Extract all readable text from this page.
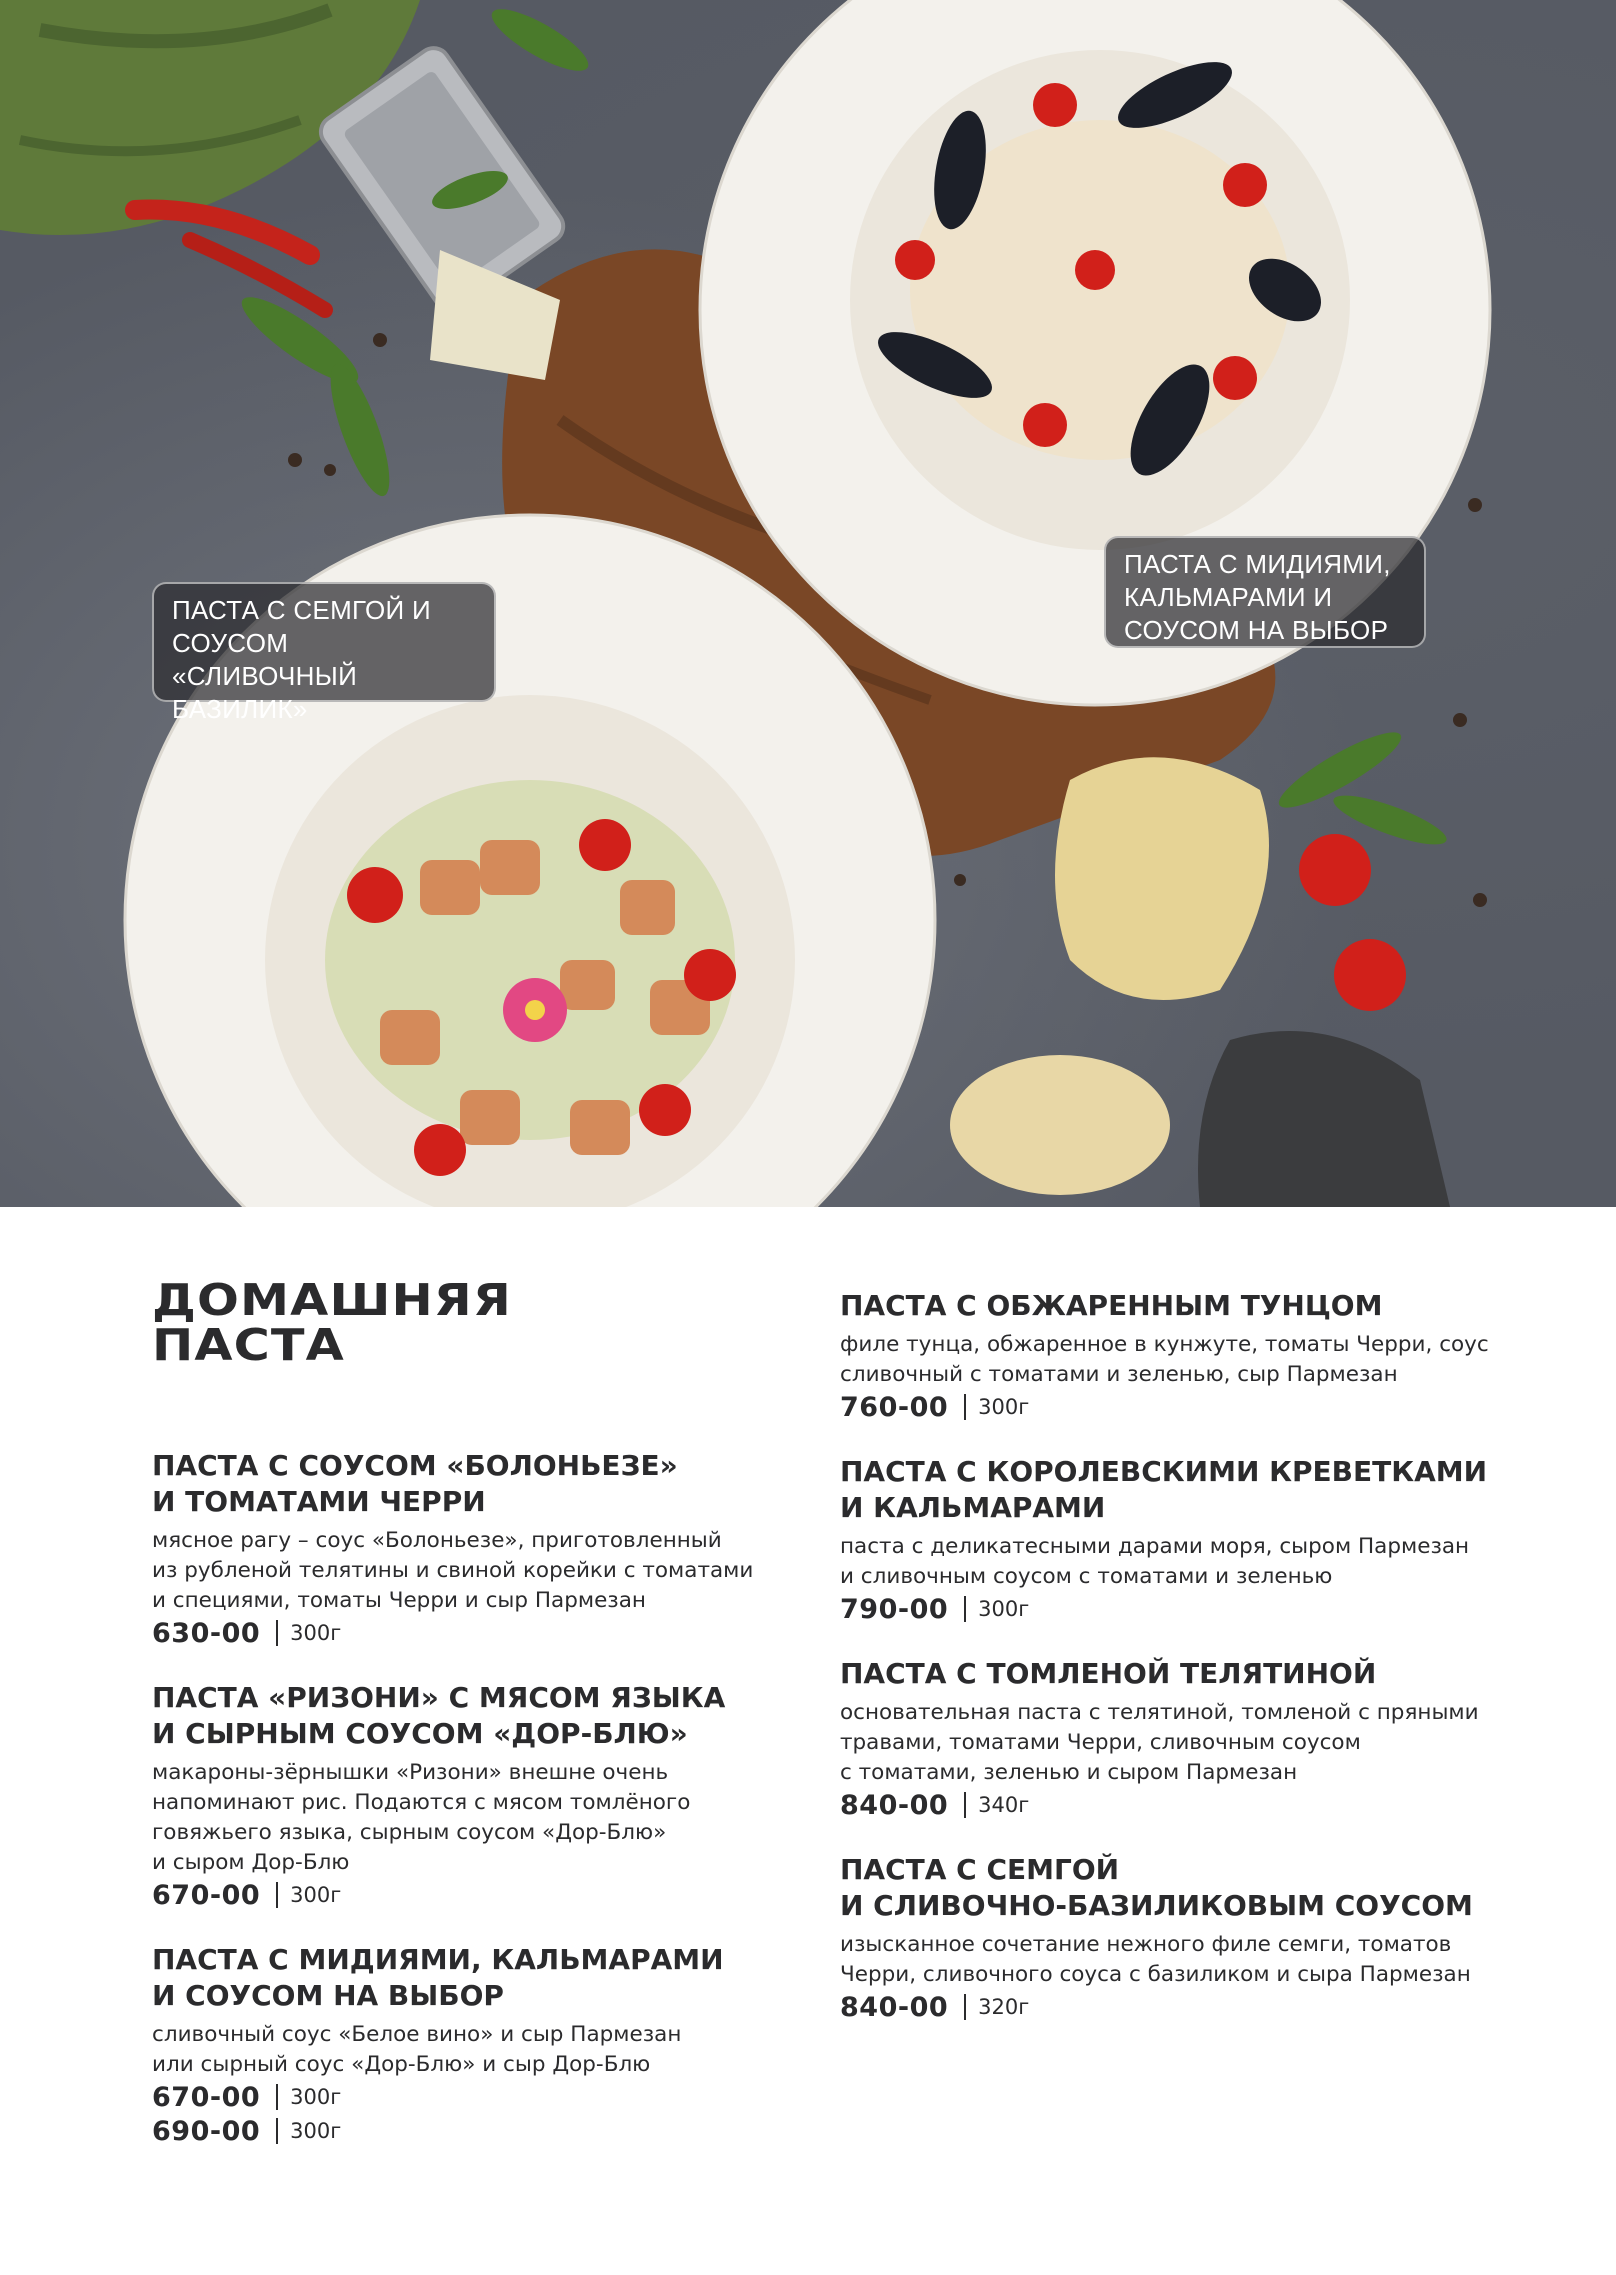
ПАСТА С СЕМГОЙ И
СОУСОМ «СЛИВОЧНЫЙ
БАЗИЛИК»
ПАСТА С МИДИЯМИ,
КАЛЬМАРАМИ И
СОУСОМ НА ВЫБОР
ДОМАШНЯЯ
ПАСТА
ПАСТА С СОУСОМ «БОЛОНЬЕЗЕ»
И ТОМАТАМИ ЧЕРРИ
мясное рагу – соус «Болоньезе», приготовленный
из рубленой телятины и свиной корейки с томатами
и специями, томаты Черри и сыр Пармезан
630-00 300г
ПАСТА «РИЗОНИ» С МЯСОМ ЯЗЫКА
И СЫРНЫМ СОУСОМ «ДОР-БЛЮ»
макароны-зёрнышки «Ризони» внешне очень
напоминают рис. Подаются с мясом томлёного
говяжьего языка, сырным соусом «Дор-Блю»
и сыром Дор-Блю
670-00 300г
ПАСТА С МИДИЯМИ, КАЛЬМАРАМИ
И СОУСОМ НА ВЫБОР
сливочный соус «Белое вино» и сыр Пармезан
или сырный соус «Дор-Блю» и сыр Дор-Блю
670-00 300г
690-00 300г
ПАСТА С ОБЖАРЕННЫМ ТУНЦОМ
филе тунца, обжаренное в кунжуте, томаты Черри, соус
сливочный с томатами и зеленью, сыр Пармезан
760-00 300г
ПАСТА С КОРОЛЕВСКИМИ КРЕВЕТКАМИ
И КАЛЬМАРАМИ
паста с деликатесными дарами моря, сыром Пармезан
и сливочным соусом с томатами и зеленью
790-00 300г
ПАСТА С ТОМЛЕНОЙ ТЕЛЯТИНОЙ
основательная паста с телятиной, томленой с пряными
травами, томатами Черри, сливочным соусом
с томатами, зеленью и сыром Пармезан
840-00 340г
ПАСТА С СЕМГОЙ
И СЛИВОЧНО-БАЗИЛИКОВЫМ СОУСОМ
изысканное сочетание нежного филе семги, томатов
Черри, сливочного соуса с базиликом и сыра Пармезан
840-00 320г
